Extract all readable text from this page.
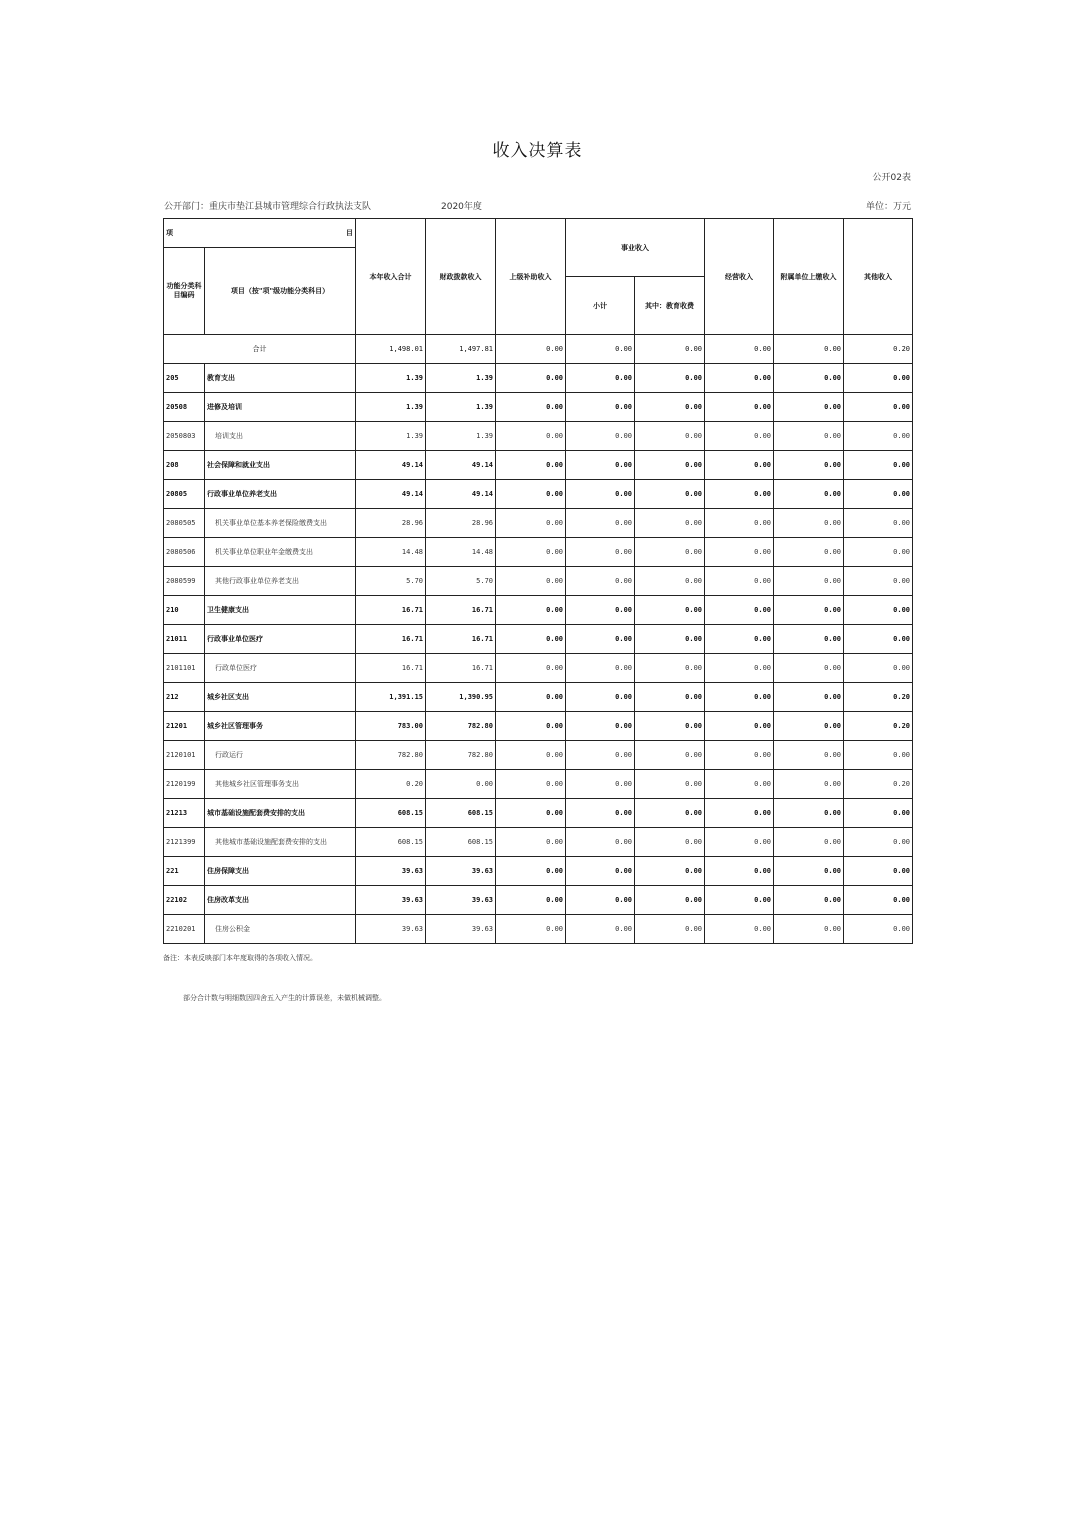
收入决算表
公开02表
公开部门：重庆市垫江县城市管理综合行政执法支队	2020年度	单位：万元
项	目	本年收入合计	财政拨款收入	上级补助收入	事业收入		经营收入	附属单位上缴收入	其他收入
功能分类科目编码	项目（按"项"级功能分类科目）								
					小计	其中：教育收费			
合计		1,498.01	1,497.81	0.00	0.00	0.00	0.00	0.00	0.20
205	教育支出	1.39	1.39	0.00	0.00	0.00	0.00	0.00	0.00
20508	进修及培训	1.39	1.39	0.00	0.00	0.00	0.00	0.00	0.00
2050803	培训支出	1.39	1.39	0.00	0.00	0.00	0.00	0.00	0.00
208	社会保障和就业支出	49.14	49.14	0.00	0.00	0.00	0.00	0.00	0.00
20805	行政事业单位养老支出	49.14	49.14	0.00	0.00	0.00	0.00	0.00	0.00
2080505	机关事业单位基本养老保险缴费支出	28.96	28.96	0.00	0.00	0.00	0.00	0.00	0.00
2080506	机关事业单位职业年金缴费支出	14.48	14.48	0.00	0.00	0.00	0.00	0.00	0.00
2080599	其他行政事业单位养老支出	5.70	5.70	0.00	0.00	0.00	0.00	0.00	0.00
210	卫生健康支出	16.71	16.71	0.00	0.00	0.00	0.00	0.00	0.00
21011	行政事业单位医疗	16.71	16.71	0.00	0.00	0.00	0.00	0.00	0.00
2101101	行政单位医疗	16.71	16.71	0.00	0.00	0.00	0.00	0.00	0.00
212	城乡社区支出	1,391.15	1,390.95	0.00	0.00	0.00	0.00	0.00	0.20
21201	城乡社区管理事务	783.00	782.80	0.00	0.00	0.00	0.00	0.00	0.20
2120101	行政运行	782.80	782.80	0.00	0.00	0.00	0.00	0.00	0.00
2120199	其他城乡社区管理事务支出	0.20	0.00	0.00	0.00	0.00	0.00	0.00	0.20
21213	城市基础设施配套费安排的支出	608.15	608.15	0.00	0.00	0.00	0.00	0.00	0.00
2121399	其他城市基础设施配套费安排的支出	608.15	608.15	0.00	0.00	0.00	0.00	0.00	0.00
221	住房保障支出	39.63	39.63	0.00	0.00	0.00	0.00	0.00	0.00
22102	住房改革支出	39.63	39.63	0.00	0.00	0.00	0.00	0.00	0.00
2210201	住房公积金	39.63	39.63	0.00	0.00	0.00	0.00	0.00	0.00
备注：本表反映部门本年度取得的各项收入情况。
部分合计数与明细数因四舍五入产生的计算误差，未做机械调整。
